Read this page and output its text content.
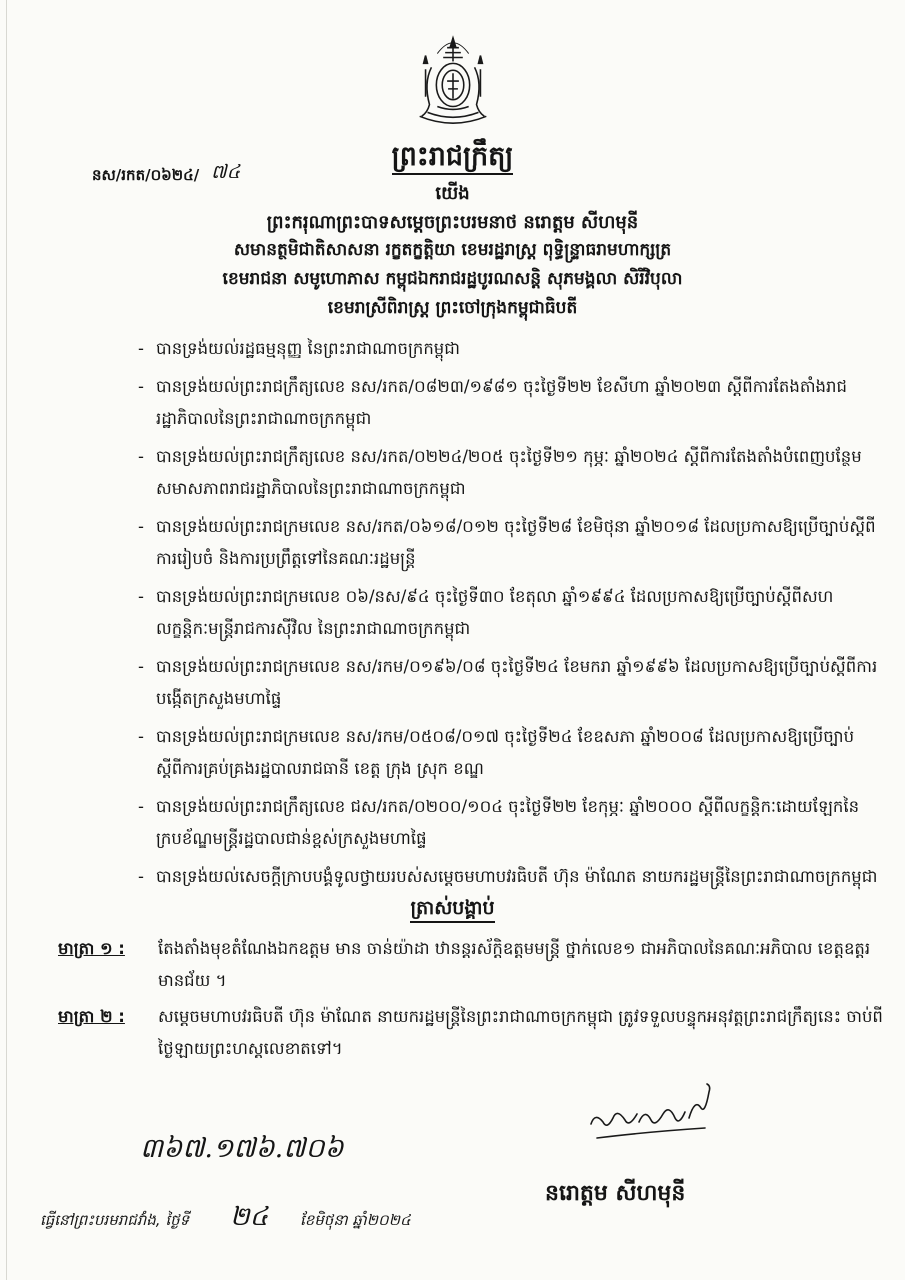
នស/រកត/០៦២៤/ ៧៤	ព្រះរាជក្រឹត្យ
យើង
ព្រះករុណាព្រះបាទសម្តេចព្រះបរមនាថ នរោត្តម សីហមុនី
សមានត្ថមិជាតិសាសនា រក្ខតក្ខត្តិយា ខេមរដ្ឋរាស្ត្រ ពុទ្ធិន្ទ្រាធរាមហាក្សត្រ
ខេមរាជនា សមូហោភាស កម្ពុជឯករាជរដ្ឋបូរណសន្តិ សុភមង្គលា សិរីវិបុលា
ខេមរាស្រីពិរាស្ត្រ ព្រះចៅក្រុងកម្ពុជាធិបតី
- បានទ្រង់យល់រដ្ឋធម្មនុញ្ញ នៃព្រះរាជាណាចក្រកម្ពុជា
- បានទ្រង់យល់ព្រះរាជក្រឹត្យលេខ នស/រកត/០៨២៣/១៩៨១ ចុះថ្ងៃទី២២ ខែសីហា ឆ្នាំ២០២៣ ស្តីពីការតែងតាំងរាជរដ្ឋាភិបាលនៃព្រះរាជាណាចក្រកម្ពុជា
- បានទ្រង់យល់ព្រះរាជក្រឹត្យលេខ នស/រកត/០២២៤/២០៥ ចុះថ្ងៃទី២១ កុម្ភៈ ឆ្នាំ២០២៤ ស្តីពីការតែងតាំងបំពេញបន្ថែមសមាសភាពរាជរដ្ឋាភិបាលនៃព្រះរាជាណាចក្រកម្ពុជា
- បានទ្រង់យល់ព្រះរាជក្រមលេខ នស/រកត/០៦១៨/០១២ ចុះថ្ងៃទី២៨ ខែមិថុនា ឆ្នាំ២០១៨ ដែលប្រកាសឱ្យប្រើច្បាប់ស្តីពីការរៀបចំ និងការប្រព្រឹត្តទៅនៃគណៈរដ្ឋមន្ត្រី
- បានទ្រង់យល់ព្រះរាជក្រមលេខ ០៦/នស/៩៤ ចុះថ្ងៃទី៣០ ខែតុលា ឆ្នាំ១៩៩៤ ដែលប្រកាសឱ្យប្រើច្បាប់ស្តីពីសហលក្ខន្តិកៈមន្ត្រីរាជការស៊ីវិល នៃព្រះរាជាណាចក្រកម្ពុជា
- បានទ្រង់យល់ព្រះរាជក្រមលេខ នស/រកម/០១៩៦/០៨ ចុះថ្ងៃទី២៤ ខែមករា ឆ្នាំ១៩៩៦ ដែលប្រកាសឱ្យប្រើច្បាប់ស្តីពីការបង្កើតក្រសួងមហាផ្ទៃ
- បានទ្រង់យល់ព្រះរាជក្រមលេខ នស/រកម/០៥០៨/០១៧ ចុះថ្ងៃទី២៤ ខែឧសភា ឆ្នាំ២០០៨ ដែលប្រកាសឱ្យប្រើច្បាប់ស្តីពីការគ្រប់គ្រងរដ្ឋបាលរាជធានី ខេត្ត ក្រុង ស្រុក ខណ្ឌ
- បានទ្រង់យល់ព្រះរាជក្រឹត្យលេខ ជស/រកត/០២០០/១០៤ ចុះថ្ងៃទី២២ ខែកុម្ភៈ ឆ្នាំ២០០០ ស្តីពីលក្ខន្តិកៈដោយឡែកនៃក្របខ័ណ្ឌមន្ត្រីរដ្ឋបាលជាន់ខ្ពស់ក្រសួងមហាផ្ទៃ
- បានទ្រង់យល់សេចក្តីក្រាបបង្គំទូលថ្វាយរបស់សម្តេចមហាបវរធិបតី ហ៊ុន ម៉ាណែត នាយករដ្ឋមន្ត្រីនៃព្រះរាជាណាចក្រកម្ពុជា
ត្រាស់បង្គាប់
មាត្រា ១ : តែងតាំងមុខតំណែងឯកឧត្តម មាន ចាន់យ៉ាដា ឋានន្តរស័ក្តិឧត្តមមន្ត្រី ថ្នាក់លេខ១ ជាអភិបាលនៃគណៈអភិបាល ខេត្តឧត្តរមានជ័យ ។
មាត្រា ២ : សម្តេចមហាបវរធិបតី ហ៊ុន ម៉ាណែត នាយករដ្ឋមន្ត្រីនៃព្រះរាជាណាចក្រកម្ពុជា ត្រូវទទួលបន្ទុកអនុវត្តព្រះរាជក្រឹត្យនេះ ចាប់ពីថ្ងៃឡាយព្រះហស្តលេខាតទៅ។
៣៦៧.១៧៦.៧០៦
នរោត្តម សីហមុនី
ធ្វើនៅព្រះបរមរាជវាំង, ថ្ងៃទី ២៤ ខែមិថុនា ឆ្នាំ២០២៤
